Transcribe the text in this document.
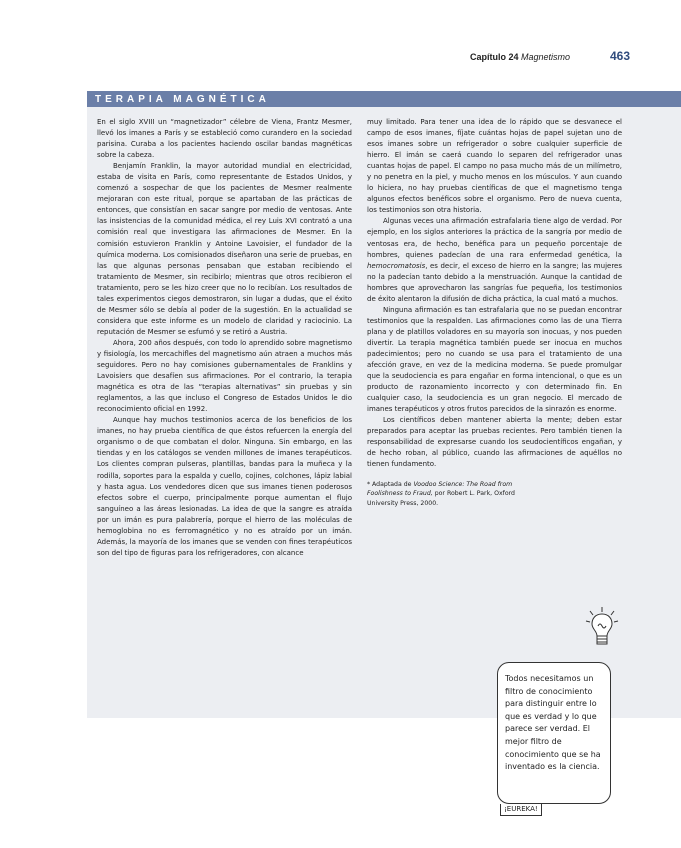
Capítulo 24 Magnetismo	463
TERAPIA MAGNÉTICA

En el siglo XVIII un “magnetizador” célebre de Viena, Frantz Mesmer, llevó los imanes a París y se estableció como curandero en la sociedad parisina. Curaba a los pacientes haciendo oscilar bandas magnéticas sobre la cabeza.

Benjamín Franklin, la mayor autoridad mundial en electricidad, estaba de visita en París, como representante de Estados Unidos, y comenzó a sospechar de que los pacientes de Mesmer realmente mejoraran con este ritual, porque se apartaban de las prácticas de entonces, que consistían en sacar sangre por medio de ventosas. Ante las insistencias de la comunidad médica, el rey Luis XVI contrató a una comisión real que investigara las afirmaciones de Mesmer. En la comisión estuvieron Franklin y Antoine Lavoisier, el fundador de la química moderna. Los comisionados diseñaron una serie de pruebas, en las que algunas personas pensaban que estaban recibiendo el tratamiento de Mesmer, sin recibirlo; mientras que otros recibieron el tratamiento, pero se les hizo creer que no lo recibían. Los resultados de tales experimentos ciegos demostraron, sin lugar a dudas, que el éxito de Mesmer sólo se debía al poder de la sugestión. En la actualidad se considera que este informe es un modelo de claridad y raciocinio. La reputación de Mesmer se esfumó y se retiró a Austria.

Ahora, 200 años después, con todo lo aprendido sobre magnetismo y fisiología, los mercachifles del magnetismo aún atraen a muchos más seguidores. Pero no hay comisiones gubernamentales de Franklins y Lavoisiers que desafíen sus afirmaciones. Por el contrario, la terapia magnética es otra de las “terapias alternativas” sin pruebas y sin reglamentos, a las que incluso el Congreso de Estados Unidos le dio reconocimiento oficial en 1992.

Aunque hay muchos testimonios acerca de los beneficios de los imanes, no hay prueba científica de que éstos refuercen la energía del organismo o de que combatan el dolor. Ninguna. Sin embargo, en las tiendas y en los catálogos se venden millones de imanes terapéuticos. Los clientes compran pulseras, plantillas, bandas para la muñeca y la rodilla, soportes para la espalda y cuello, cojines, colchones, lápiz labial y hasta agua. Los vendedores dicen que sus imanes tienen poderosos efectos sobre el cuerpo, principalmente porque aumentan el flujo sanguíneo a las áreas lesionadas. La idea de que la sangre es atraída por un imán es pura palabrería, porque el hierro de las moléculas de hemoglobina no es ferromagnético y no es atraído por un imán. Además, la mayoría de los imanes que se venden con fines terapéuticos son del tipo de figuras para los refrigeradores, con alcance

muy limitado. Para tener una idea de lo rápido que se desvanece el campo de esos imanes, fíjate cuántas hojas de papel sujetan uno de esos imanes sobre un refrigerador o sobre cualquier superficie de hierro. El imán se caerá cuando lo separen del refrigerador unas cuantas hojas de papel. El campo no pasa mucho más de un milímetro, y no penetra en la piel, y mucho menos en los músculos. Y aun cuando lo hiciera, no hay pruebas científicas de que el magnetismo tenga algunos efectos benéficos sobre el organismo. Pero de nueva cuenta, los testimonios son otra historia.

Algunas veces una afirmación estrafalaria tiene algo de verdad. Por ejemplo, en los siglos anteriores la práctica de la sangría por medio de ventosas era, de hecho, benéfica para un pequeño porcentaje de hombres, quienes padecían de una rara enfermedad genética, la hemocromatosis, es decir, el exceso de hierro en la sangre; las mujeres no la padecían tanto debido a la menstruación. Aunque la cantidad de hombres que aprovecharon las sangrías fue pequeña, los testimonios de éxito alentaron la difusión de dicha práctica, la cual mató a muchos.

Ninguna afirmación es tan estrafalaria que no se puedan encontrar testimonios que la respalden. Las afirmaciones como las de una Tierra plana y de platillos voladores en su mayoría son inocuas, y nos pueden divertir. La terapia magnética también puede ser inocua en muchos padecimientos; pero no cuando se usa para el tratamiento de una afección grave, en vez de la medicina moderna. Se puede promulgar que la seudociencia es para engañar en forma intencional, o que es un producto de razonamiento incorrecto y con determinado fin. En cualquier caso, la seudociencia es un gran negocio. El mercado de imanes terapéuticos y otros frutos parecidos de la sinrazón es enorme.

Los científicos deben mantener abierta la mente; deben estar preparados para aceptar las pruebas recientes. Pero también tienen la responsabilidad de expresarse cuando los seudocientíficos engañan, y de hecho roban, al público, cuando las afirmaciones de aquéllos no tienen fundamento.

* Adaptada de Voodoo Science: The Road from Foolishness to Fraud, por Robert L. Park, Oxford University Press, 2000.

Todos necesitamos un filtro de conocimiento para distinguir entre lo que es verdad y lo que parece ser verdad. El mejor filtro de conocimiento que se ha inventado es la ciencia.

¡EUREKA!
